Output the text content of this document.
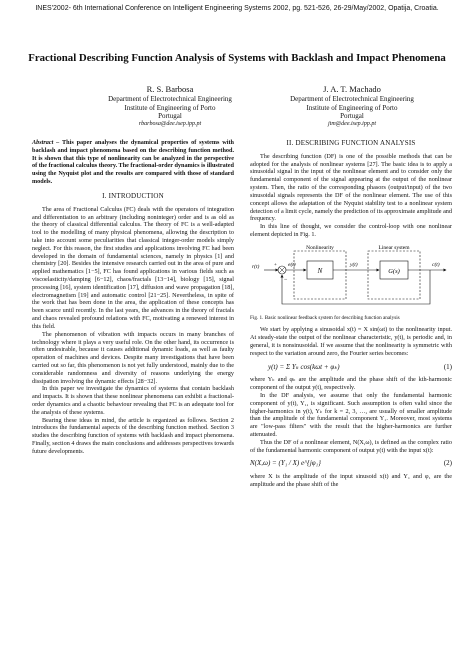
INES'2002- 6th International Conference on Intelligent Engineering Systems 2002, pg. 521-526, 26-29/May/2002, Opatija, Croatia.
Fractional Describing Function Analysis of Systems with Backlash and Impact Phenomena
R. S. Barbosa
Department of Electrotechnical Engineering
Institute of Engineering of Porto
Portugal
rbarbosa@dee.isep.ipp.pt
J. A. T. Machado
Department of Electrotechnical Engineering
Institute of Engineering of Porto
Portugal
jtm@dee.isep.ipp.pt

Abstract – This paper analyses the dynamical properties of systems with backlash and impact phenomena based on the describing function method. It is shown that this type of nonlinearity can be analyzed in the perspective of the fractional calculus theory. The fractional-order dynamics is illustrated using the Nyquist plot and the results are compared with those of standard models.

I. INTRODUCTION

The area of Fractional Calculus (FC) deals with the operators of integration and differentiation to an arbitrary (including noninteger) order and is as old as the theory of classical differential calculus. The theory of FC is a well-adapted tool to the modelling of many physical phenomena, allowing the description to take into account some peculiarities that classical integer-order models simply neglect. For this reason, the first studies and applications involving FC had been developed in the domain of fundamental sciences, namely in physics [1] and chemistry [20]. Besides the intensive research carried out in the area of pure and applied mathematics [1−5], FC has found applications in various fields such as viscoelasticity/damping [6−12], chaos/fractals [13−14], biology [15], signal processing [16], system identification [17], diffusion and wave propagation [18], electromagnetism [19] and automatic control [21−25]. Nevertheless, in spite of the work that has been done in the area, the application of these concepts has been scarce until recently. In the last years, the advances in the theory of fractals and chaos revealed profound relations with FC, motivating a renewed interest in this field.

The phenomenon of vibration with impacts occurs in many branches of technology where it plays a very useful role. On the other hand, its occurrence is often undesirable, because it causes additional dynamic loads, as well as faulty operation of machines and devices. Despite many investigations that have been carried out so far, this phenomenon is not yet fully understood, mainly due to the considerable randomness and diversity of reasons underlying the energy dissipation involving the dynamic effects [28−32].

In this paper we investigate the dynamics of systems that contain backlash and impacts. It is shown that these nonlinear phenomena can exhibit a fractional-order dynamics and a chaotic behaviour revealing that FC is an adequate tool for the analysis of these systems.

Bearing these ideas in mind, the article is organized as follows. Section 2 introduces the fundamental aspects of the describing function method. Section 3 studies the describing function of systems with backlash and impact phenomena. Finally, section 4 draws the main conclusions and addresses perspectives towards future developments.

II. DESCRIBING FUNCTION ANALYSIS

The describing function (DF) is one of the possible methods that can be adopted for the analysis of nonlinear systems [27]. The basic idea is to apply a sinusoidal signal in the input of the nonlinear element and to consider only the fundamental component of the signal appearing at the output of the nonlinear system. Then, the ratio of the corresponding phasors (output/input) of the two sinusoidal signals represents the DF of the nonlinear element. The use of this concept allows the adaptation of the Nyquist stability test to a nonlinear system detection of a limit cycle, namely the prediction of its approximate amplitude and frequency.

In this line of thought, we consider the control-loop with one nonlinear element depicted in Fig. 1.

Nonlinearity	Linear system
r(t)	+
−
e(t)
N
y(t)
G(s)
c(t)

Fig. 1. Basic nonlinear feedback system for describing function analysis

We start by applying a sinusoidal x(t) = X sin(ωt) to the nonlinearity input. At steady-state the output of the nonlinear characteristic, y(t), is periodic and, in general, it is nonsinusoidal. If we assume that the nonlinearity is symmetric with respect to the variation around zero, the Fourier series becomes:

y(t) = Σ Yₖ cos(kωt + φₖ)	(1)

where Yₖ and φₖ are the amplitude and the phase shift of the kth-harmonic component of the output y(t), respectively.

In the DF analysis, we assume that only the fundamental harmonic component of y(t), Y₁, is significant. Such assumption is often valid since the higher-harmonics in y(t), Yₖ for k = 2, 3, …, are usually of smaller amplitude than the amplitude of the fundamental component Y₁. Moreover, most systems are "low-pass filters" with the result that the higher-harmonics are further attenuated.

Thus the DF of a nonlinear element, N(X,ω), is defined as the complex ratio of the fundamental harmonic component of output y(t) with the input x(t):

N(X,ω) = (Y₁ / X) e^{jφ₁}	(2)

where X is the amplitude of the input sinusoid x(t) and Y₁ and φ₁ are the amplitude and the phase shift of the
